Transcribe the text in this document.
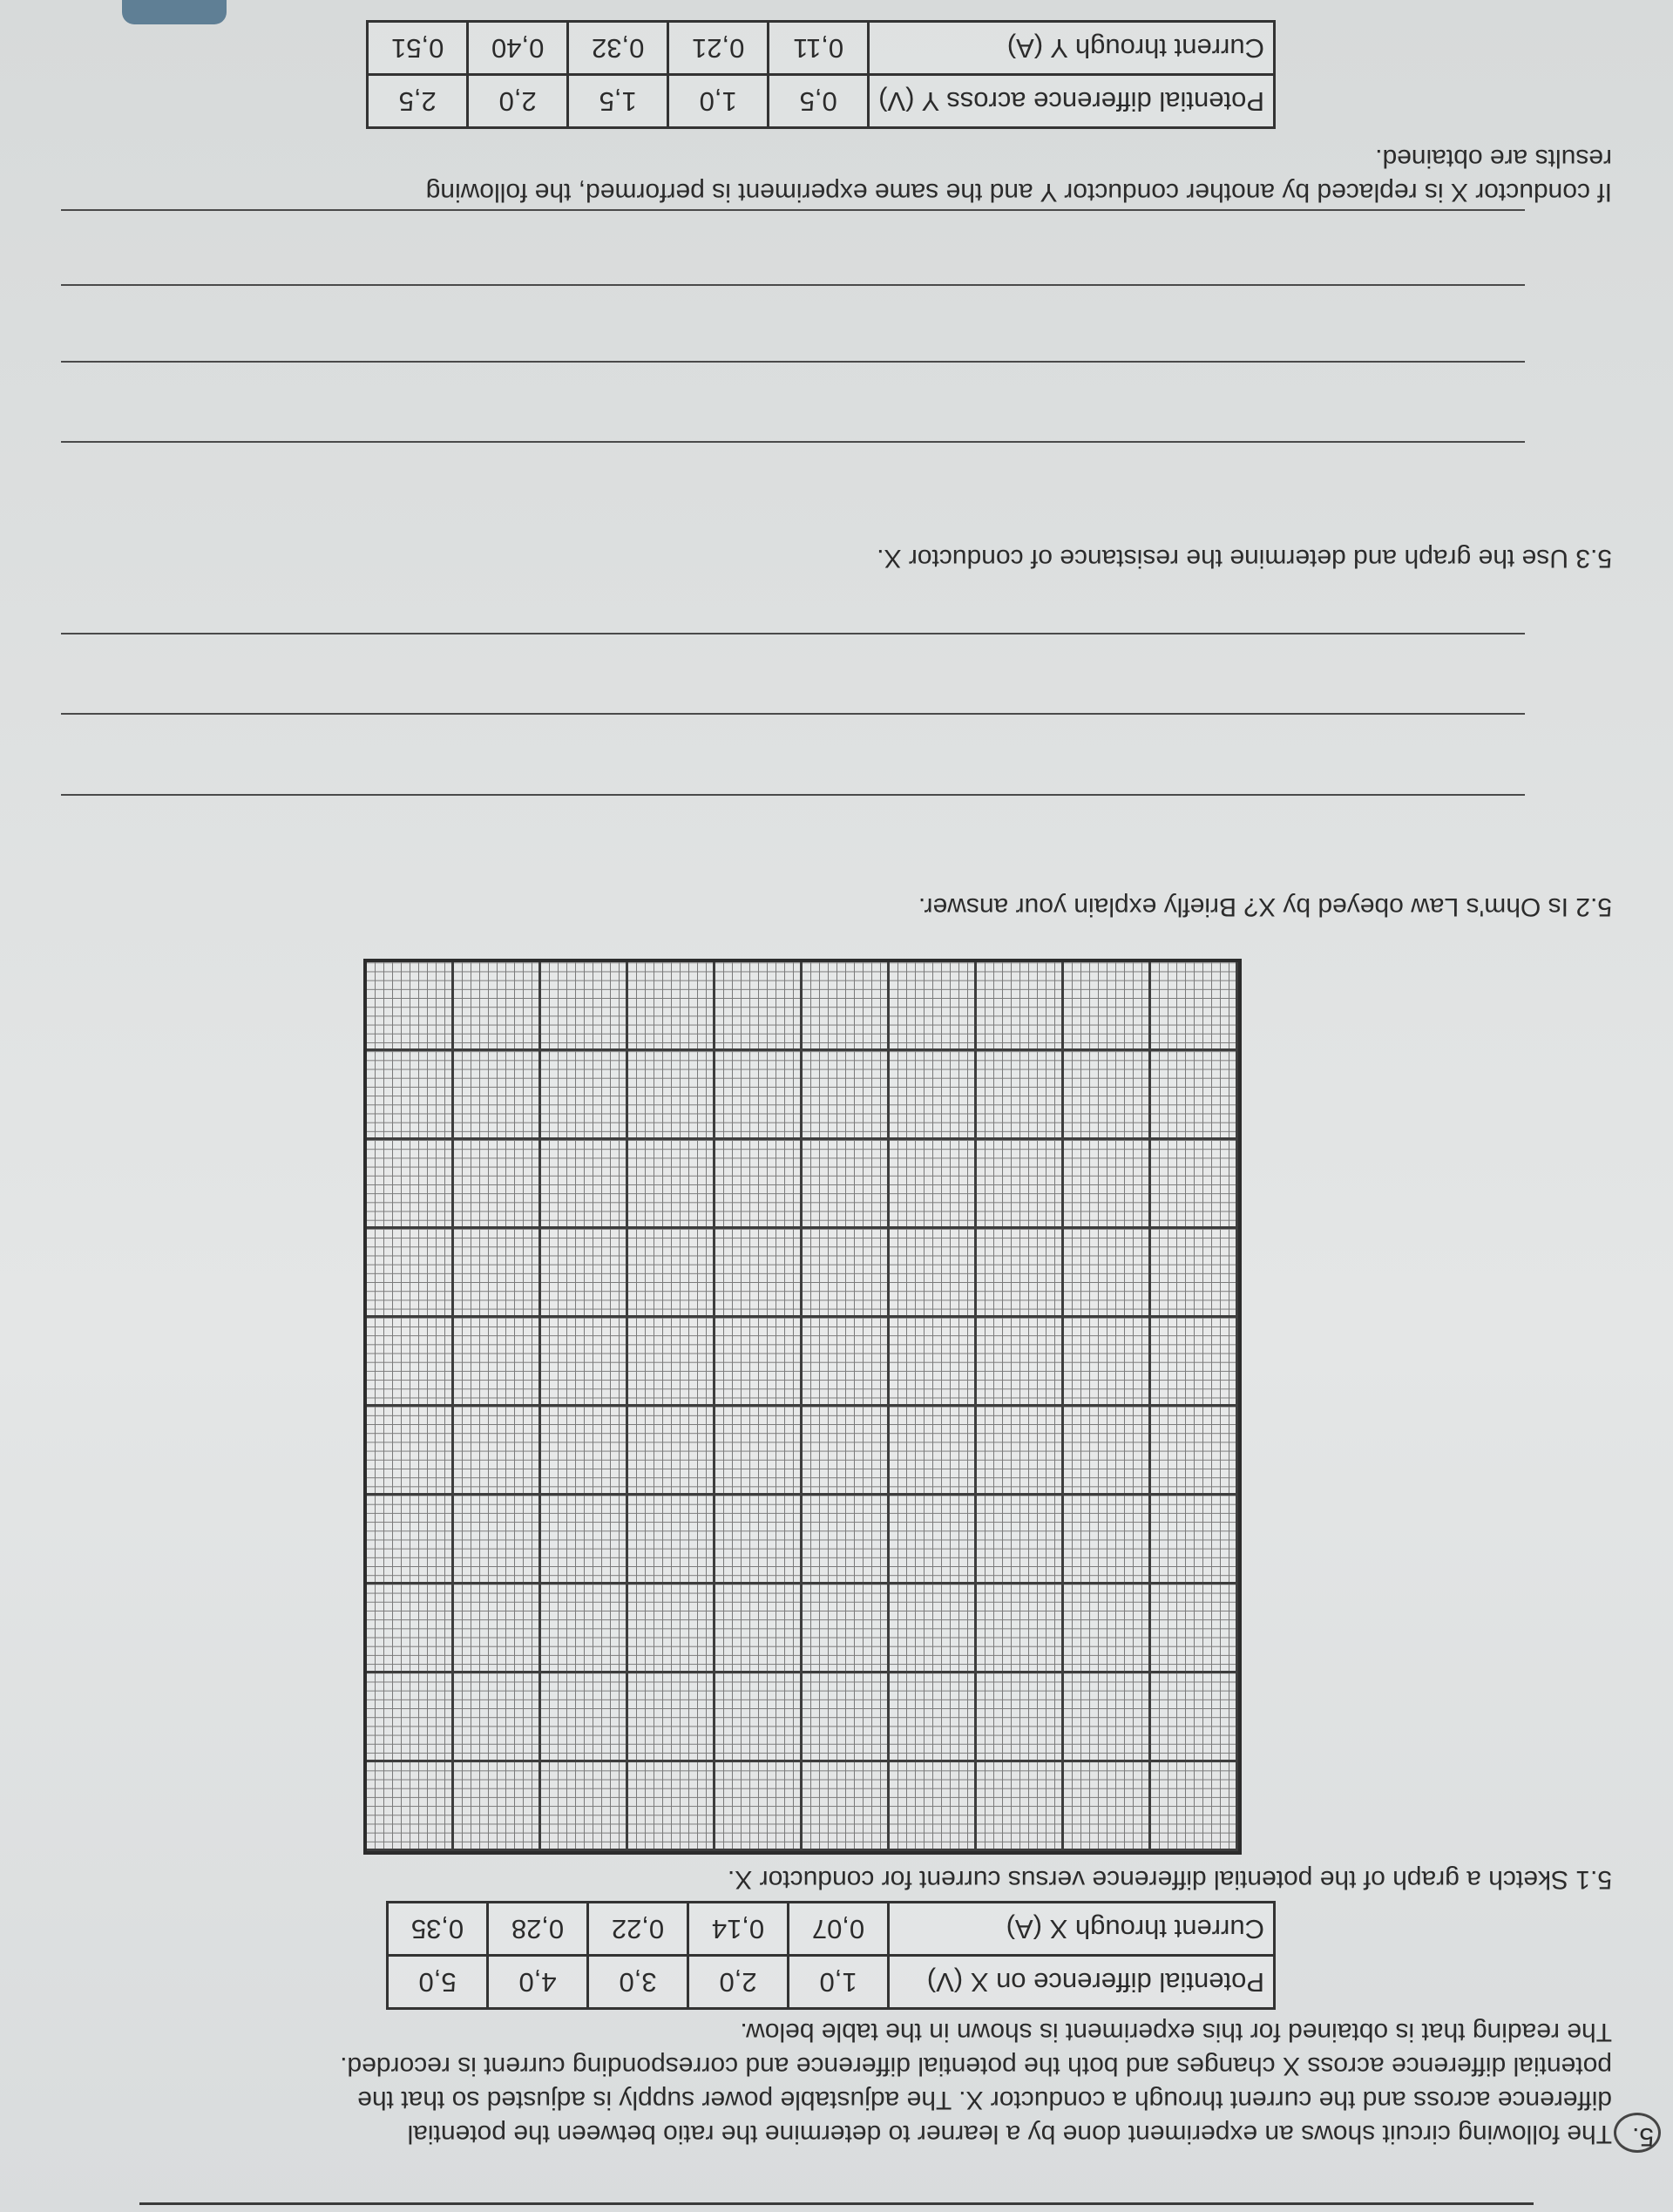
5.
The following circuit shows an experiment done by a learner to determine the ratio between the potential
difference across and the current through a conductor X. The adjustable power supply is adjusted so that the
potential difference across X changes and both the potential difference and corresponding current is recorded.
The reading that is obtained for this experiment is shown in the table below.
Potential difference on X (V)	1,0	2,0	3,0	4,0	5,0
Current through X (A)	0,07	0,14	0,22	0,28	0,35
5.1 Sketch a graph of the potential difference versus current for conductor X.
5.2 Is Ohm's Law obeyed by X? Briefly explain your answer.
5.3 Use the graph and determine the resistance of conductor X.
If conductor X is replaced by another conductor Y and the same experiment is performed, the following
results are obtained.
Potential difference across Y (V)	0,5	1,0	1,5	2,0	2,5
Current through Y (A)	0,11	0,21	0,32	0,40	0,51
